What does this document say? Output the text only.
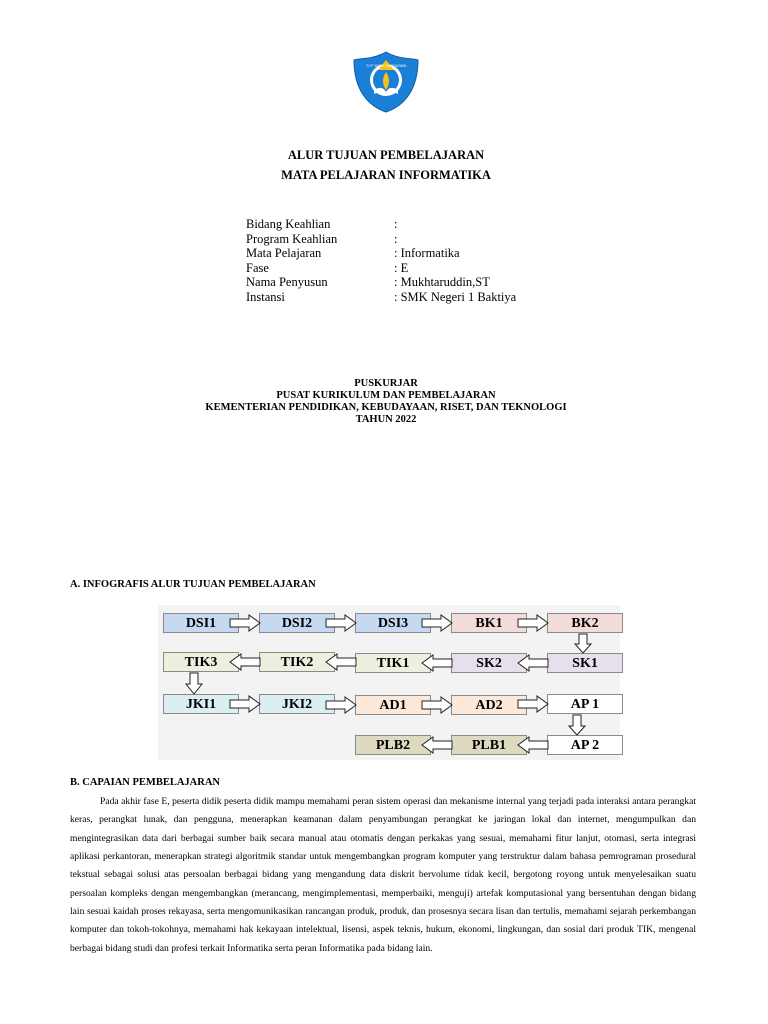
TUT WURI HANDAYANI
ALUR TUJUAN PEMBELAJARAN
MATA PELAJARAN INFORMATIKA
Bidang Keahlian	:
Program Keahlian	:
Mata Pelajaran	: Informatika
Fase	: E
Nama Penyusun	: Mukhtaruddin,ST
Instansi	: SMK Negeri 1 Baktiya
PUSKURJAR
PUSAT KURIKULUM DAN PEMBELAJARAN
KEMENTERIAN PENDIDIKAN, KEBUDAYAAN, RISET, DAN TEKNOLOGI
TAHUN 2022
A. INFOGRAFIS ALUR TUJUAN PEMBELAJARAN
DSI1	DSI2	DSI3	BK1	BK2
TIK3	TIK2	TIK1	SK2	SK1
JKI1	JKI2	AD1	AD2	AP 1
PLB2	PLB1	AP 2
B. CAPAIAN PEMBELAJARAN

Pada akhir fase E, peserta didik peserta didik mampu memahami peran sistem operasi dan mekanisme internal yang terjadi pada interaksi antara perangkat keras, perangkat lunak, dan pengguna, menerapkan keamanan dalam penyambungan perangkat ke jaringan lokal dan internet, mengumpulkan dan mengintegrasikan data dari berbagai sumber baik secara manual atau otomatis dengan perkakas yang sesuai, memahami fitur lanjut, otomasi, serta integrasi aplikasi perkantoran, menerapkan strategi algoritmik standar untuk mengembangkan program komputer yang terstruktur dalam bahasa pemrograman prosedural tekstual sebagai solusi atas persoalan berbagai bidang yang mengandung data diskrit bervolume tidak kecil, bergotong royong untuk menyelesaikan suatu persoalan kompleks dengan mengembangkan (merancang, mengimplementasi, memperbaiki, menguji) artefak komputasional yang bersentuhan dengan bidang lain sesuai kaidah proses rekayasa, serta mengomunikasikan rancangan produk, produk, dan prosesnya secara lisan dan tertulis, memahami sejarah perkembangan komputer dan tokoh-tokohnya, memahami hak kekayaan intelektual, lisensi, aspek teknis, hukum, ekonomi, lingkungan, dan sosial dari produk TIK, mengenal berbagai bidang studi dan profesi terkait Informatika serta peran Informatika pada bidang lain.
